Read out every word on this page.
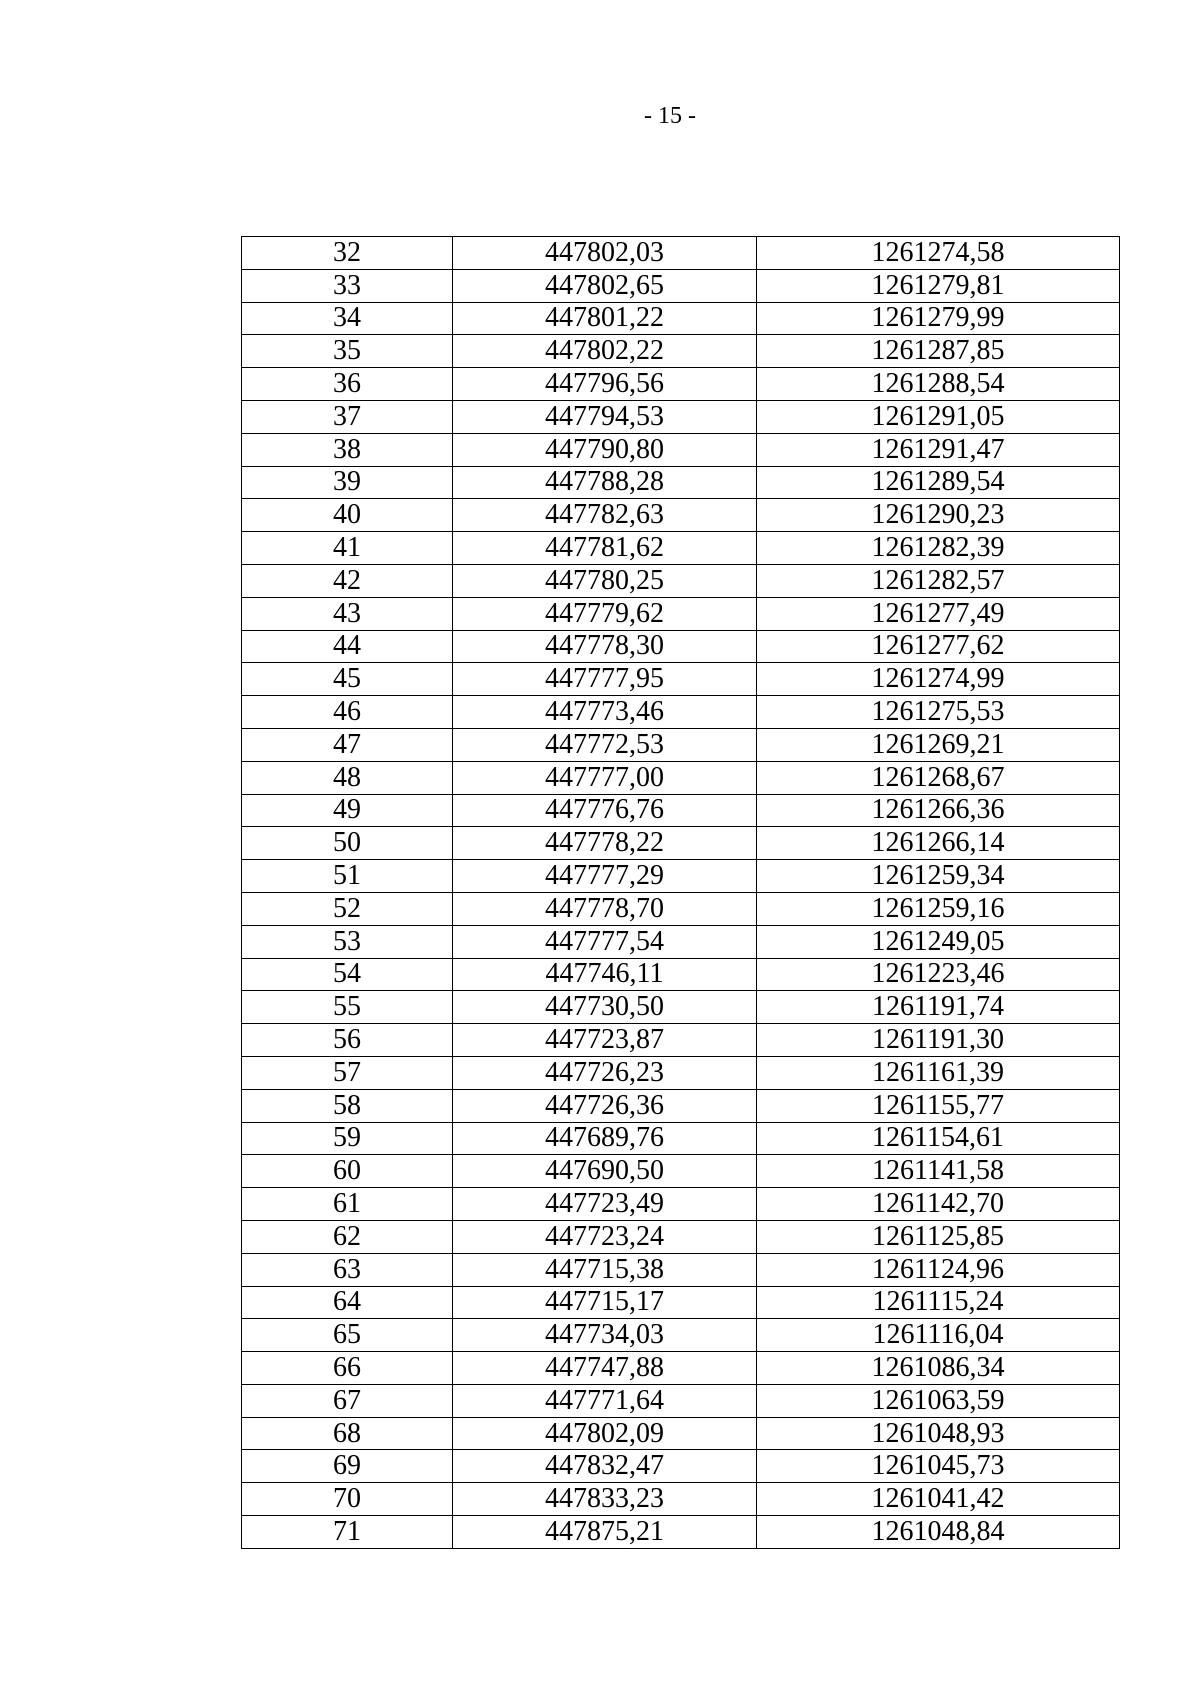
- 15 -
32	447802,03	1261274,58
33	447802,65	1261279,81
34	447801,22	1261279,99
35	447802,22	1261287,85
36	447796,56	1261288,54
37	447794,53	1261291,05
38	447790,80	1261291,47
39	447788,28	1261289,54
40	447782,63	1261290,23
41	447781,62	1261282,39
42	447780,25	1261282,57
43	447779,62	1261277,49
44	447778,30	1261277,62
45	447777,95	1261274,99
46	447773,46	1261275,53
47	447772,53	1261269,21
48	447777,00	1261268,67
49	447776,76	1261266,36
50	447778,22	1261266,14
51	447777,29	1261259,34
52	447778,70	1261259,16
53	447777,54	1261249,05
54	447746,11	1261223,46
55	447730,50	1261191,74
56	447723,87	1261191,30
57	447726,23	1261161,39
58	447726,36	1261155,77
59	447689,76	1261154,61
60	447690,50	1261141,58
61	447723,49	1261142,70
62	447723,24	1261125,85
63	447715,38	1261124,96
64	447715,17	1261115,24
65	447734,03	1261116,04
66	447747,88	1261086,34
67	447771,64	1261063,59
68	447802,09	1261048,93
69	447832,47	1261045,73
70	447833,23	1261041,42
71	447875,21	1261048,84
